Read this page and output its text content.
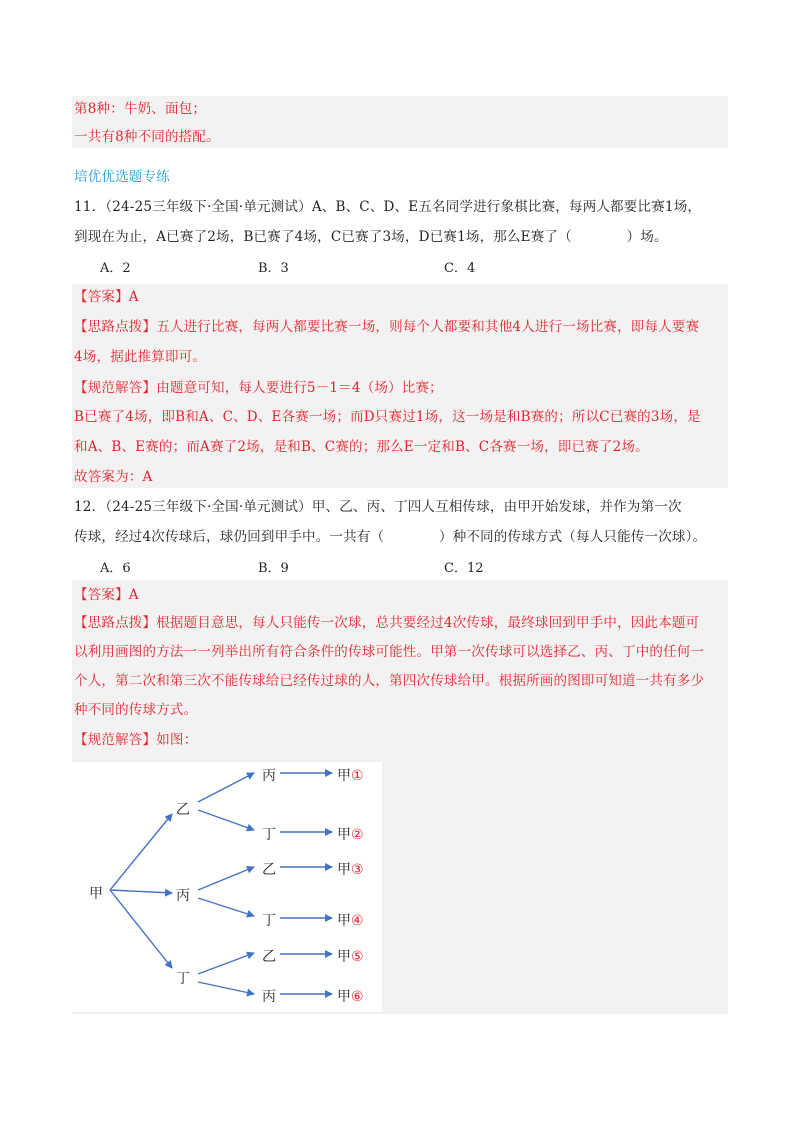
第8种：牛奶、面包；
一共有8种不同的搭配。
培优优选题专练
11．（24-25三年级下·全国·单元测试）A、B、C、D、E五名同学进行象棋比赛，每两人都要比赛1场，
到现在为止，A已赛了2场，B已赛了4场，C已赛了3场，D已赛1场，那么E赛了（　　　　）场。
A．2	B．3	C．4
【答案】A
【思路点拨】五人进行比赛，每两人都要比赛一场，则每个人都要和其他4人进行一场比赛，即每人要赛
4场，据此推算即可。
【规范解答】由题意可知，每人要进行5－1＝4（场）比赛；
B已赛了4场，即B和A、C、D、E各赛一场；而D只赛过1场，这一场是和B赛的；所以C已赛的3场，是
和A、B、E赛的；而A赛了2场，是和B、C赛的；那么E一定和B、C各赛一场，即已赛了2场。
故答案为：A
12．（24-25三年级下·全国·单元测试）甲、乙、丙、丁四人互相传球，由甲开始发球，并作为第一次
传球，经过4次传球后，球仍回到甲手中。一共有（　　　　）种不同的传球方式（每人只能传一次球）。
A．6	B．9	C．12
【答案】A
【思路点拨】根据题目意思，每人只能传一次球，总共要经过4次传球，最终球回到甲手中，因此本题可
以利用画图的方法一一列举出所有符合条件的传球可能性。甲第一次传球可以选择乙、丙、丁中的任何一
个人，第二次和第三次不能传球给已经传过球的人，第四次传球给甲。根据所画的图即可知道一共有多少
种不同的传球方式。
【规范解答】如图：
甲
乙
丙
丁
丙
丁
乙
丁
乙
丙
甲①
甲②
甲③
甲④
甲⑤
甲⑥
